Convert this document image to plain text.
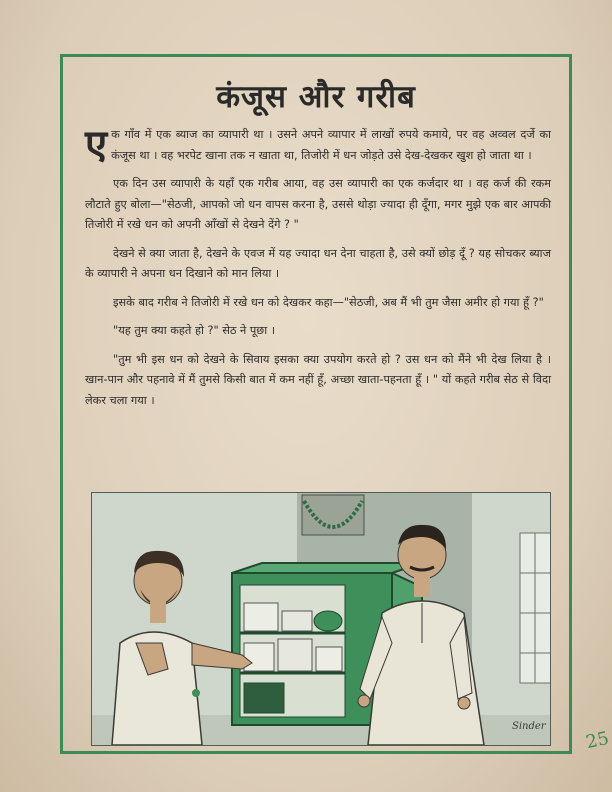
कंजूस और गरीब

ए क गाँव में एक ब्याज का व्यापारी था । उसने अपने व्यापार में लाखों रुपये कमाये, पर वह अव्वल दर्जे का कंजूस था । वह भरपेट खाना तक न खाता था, तिजोरी में धन जोड़ते उसे देख-देखकर खुश हो जाता था ।

एक दिन उस व्यापारी के यहाँ एक गरीब आया, वह उस व्यापारी का एक कर्जदार था । वह कर्ज की रकम लौटाते हुए बोला—"सेठजी, आपको जो धन वापस करना है, उससे थोड़ा ज्यादा ही दूँगा, मगर मुझे एक बार आपकी तिजोरी में रखे धन को अपनी आँखों से देखने देंगे ? "

देखने से क्या जाता है, देखने के एवज में यह ज्यादा धन देना चाहता है, उसे क्यों छोड़ दूँ ? यह सोचकर ब्याज के व्यापारी ने अपना धन दिखाने को मान लिया ।

इसके बाद गरीब ने तिजोरी में रखे धन को देखकर कहा—"सेठजी, अब मैं भी तुम जैसा अमीर हो गया हूँ ?"

"यह तुम क्या कहते हो ?" सेठ ने पूछा ।

"तुम भी इस धन को देखने के सिवाय इसका क्या उपयोग करते हो ? उस धन को मैंने भी देख लिया है । खान-पान और पहनावे में मैं तुमसे किसी बात में कम नहीं हूँ, अच्छा खाता-पहनता हूँ । " यों कहते गरीब सेठ से विदा लेकर चला गया ।

Sinder
25
